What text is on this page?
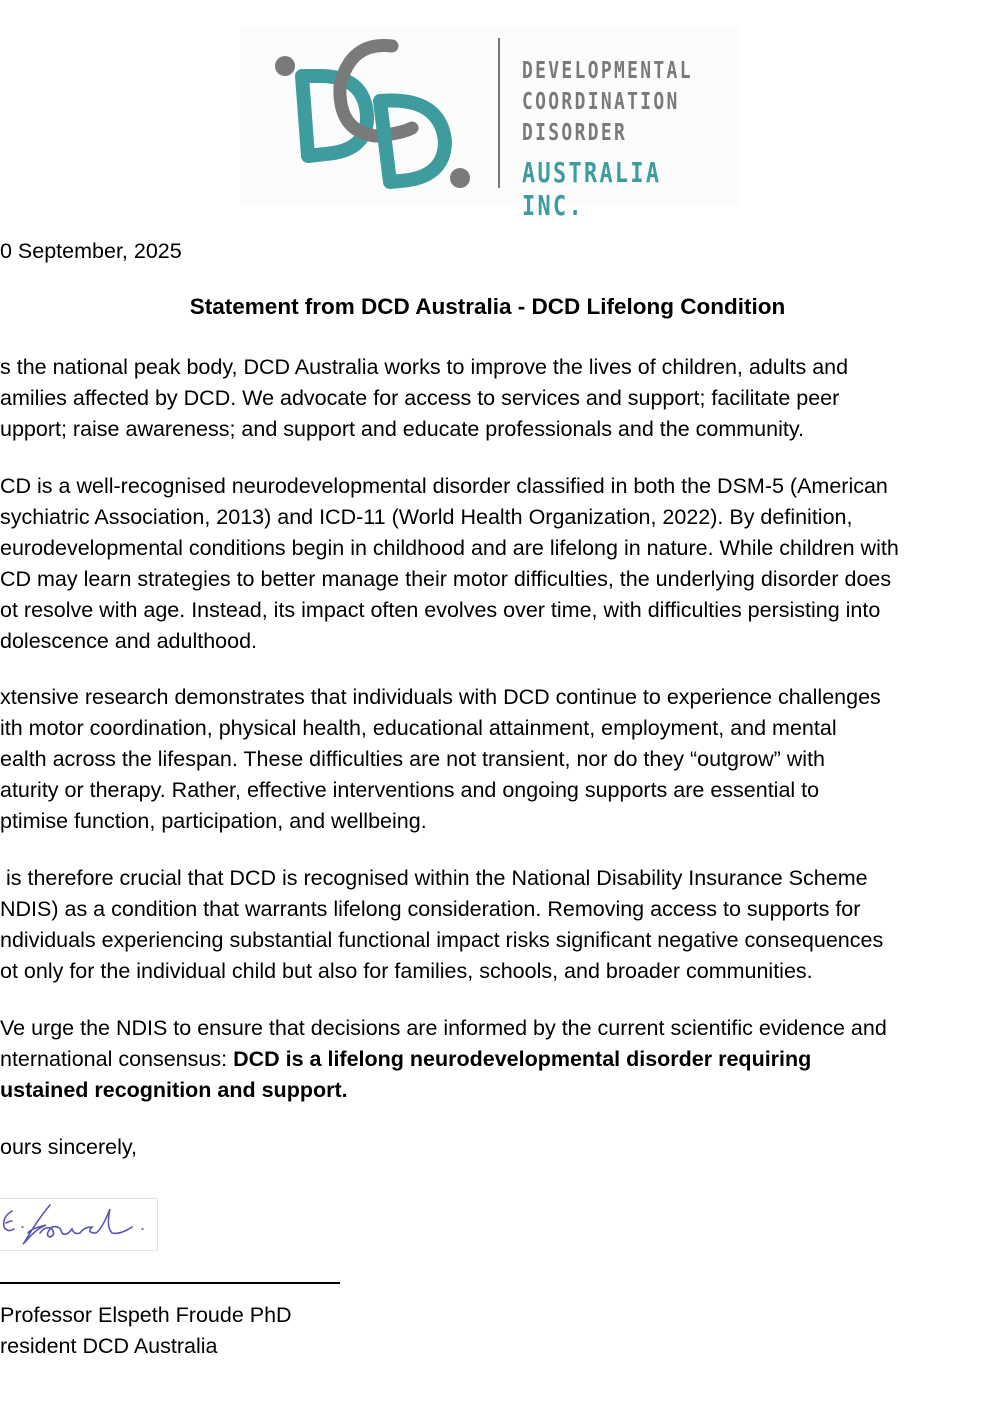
DEVELOPMENTAL
COORDINATION
DISORDER
AUSTRALIA INC.
0 September, 2025
Statement from DCD Australia - DCD Lifelong Condition
s the national peak body, DCD Australia works to improve the lives of children, adults and
amilies affected by DCD. We advocate for access to services and support; facilitate peer
upport; raise awareness; and support and educate professionals and the community.
CD is a well-recognised neurodevelopmental disorder classified in both the DSM-5 (American
sychiatric Association, 2013) and ICD-11 (World Health Organization, 2022). By definition,
eurodevelopmental conditions begin in childhood and are lifelong in nature. While children with
CD may learn strategies to better manage their motor difficulties, the underlying disorder does
ot resolve with age. Instead, its impact often evolves over time, with difficulties persisting into
dolescence and adulthood.
xtensive research demonstrates that individuals with DCD continue to experience challenges
ith motor coordination, physical health, educational attainment, employment, and mental
ealth across the lifespan. These difficulties are not transient, nor do they “outgrow” with
aturity or therapy. Rather, effective interventions and ongoing supports are essential to
ptimise function, participation, and wellbeing.
is therefore crucial that DCD is recognised within the National Disability Insurance Scheme
NDIS) as a condition that warrants lifelong consideration. Removing access to supports for
ndividuals experiencing substantial functional impact risks significant negative consequences
ot only for the individual child but also for families, schools, and broader communities.
Ve urge the NDIS to ensure that decisions are informed by the current scientific evidence and
nternational consensus: DCD is a lifelong neurodevelopmental disorder requiring
ustained recognition and support.
ours sincerely,
Professor Elspeth Froude PhD
resident DCD Australia
